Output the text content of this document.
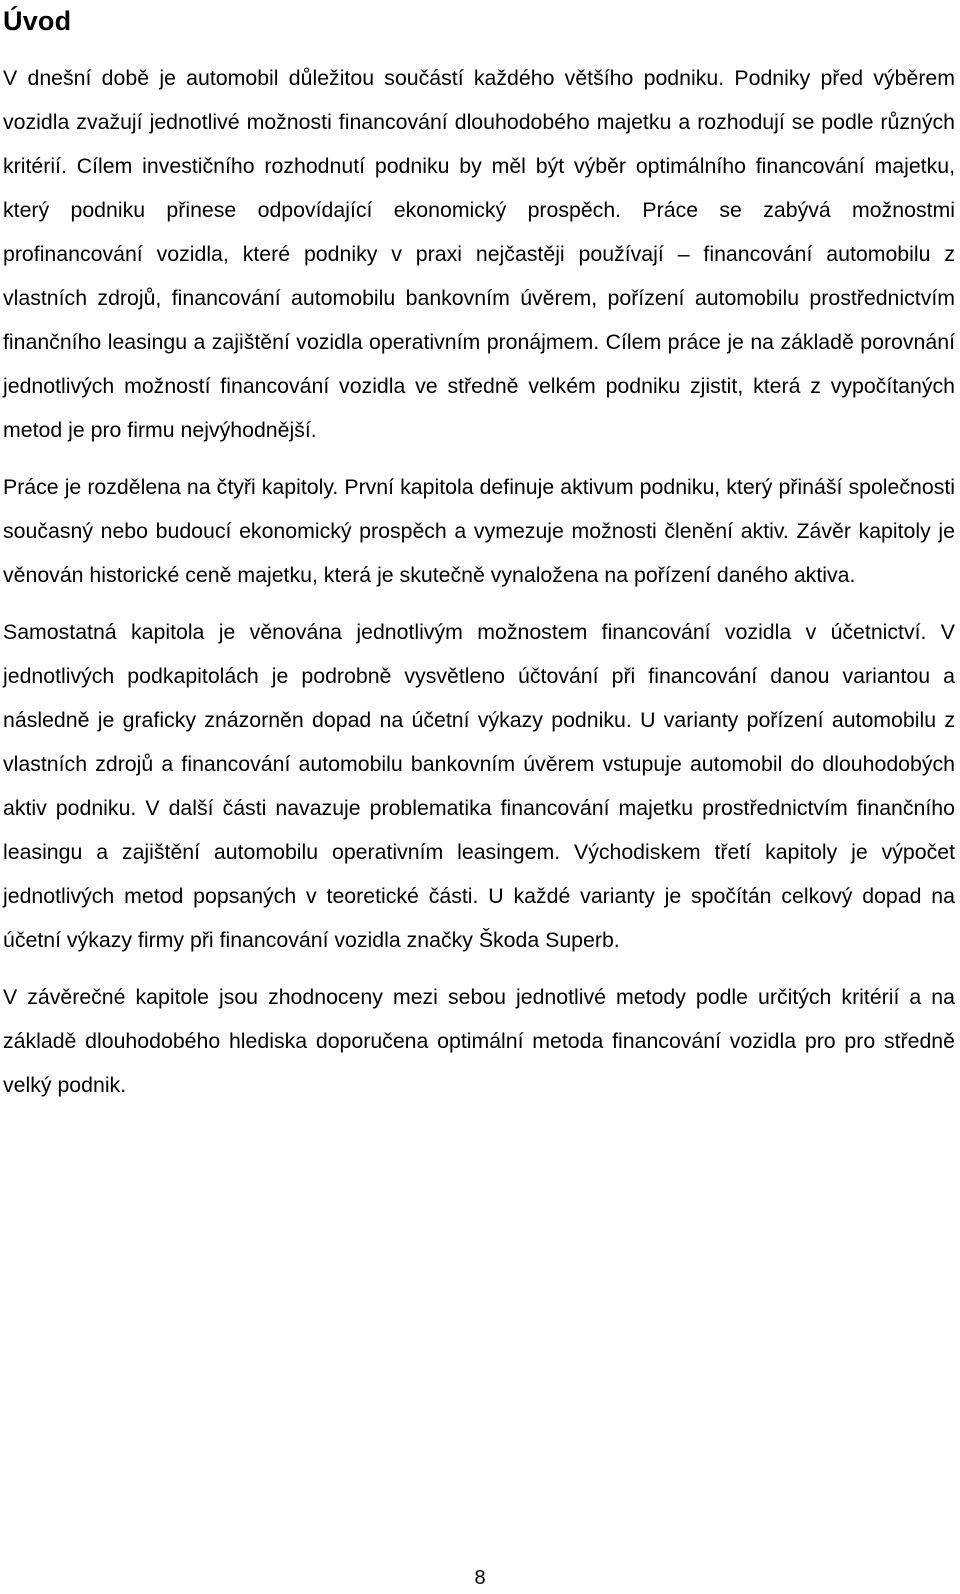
Úvod

V dnešní době je automobil důležitou součástí každého většího podniku. Podniky před výběrem vozidla zvažují jednotlivé možnosti financování dlouhodobého majetku a rozhodují se podle různých kritérií. Cílem investičního rozhodnutí podniku by měl být výběr optimálního financování majetku, který podniku přinese odpovídající ekonomický prospěch. Práce se zabývá možnostmi profinancování vozidla, které podniky v praxi nejčastěji používají – financování automobilu z vlastních zdrojů, financování automobilu bankovním úvěrem, pořízení automobilu prostřednictvím finančního leasingu a zajištění vozidla operativním pronájmem. Cílem práce je na základě porovnání jednotlivých možností financování vozidla ve středně velkém podniku zjistit, která z vypočítaných metod je pro firmu nejvýhodnější.

Práce je rozdělena na čtyři kapitoly. První kapitola definuje aktivum podniku, který přináší společnosti současný nebo budoucí ekonomický prospěch a vymezuje možnosti členění aktiv. Závěr kapitoly je věnován historické ceně majetku, která je skutečně vynaložena na pořízení daného aktiva.

Samostatná kapitola je věnována jednotlivým možnostem financování vozidla v účetnictví. V jednotlivých podkapitolách je podrobně vysvětleno účtování při financování danou variantou a následně je graficky znázorněn dopad na účetní výkazy podniku. U varianty pořízení automobilu z vlastních zdrojů a financování automobilu bankovním úvěrem vstupuje automobil do dlouhodobých aktiv podniku. V další části navazuje problematika financování majetku prostřednictvím finančního leasingu a zajištění automobilu operativním leasingem. Východiskem třetí kapitoly je výpočet jednotlivých metod popsaných v teoretické části. U každé varianty je spočítán celkový dopad na účetní výkazy firmy při financování vozidla značky Škoda Superb.

V závěrečné kapitole jsou zhodnoceny mezi sebou jednotlivé metody podle určitých kritérií a na základě dlouhodobého hlediska doporučena optimální metoda financování vozidla pro pro středně velký podnik.

8
